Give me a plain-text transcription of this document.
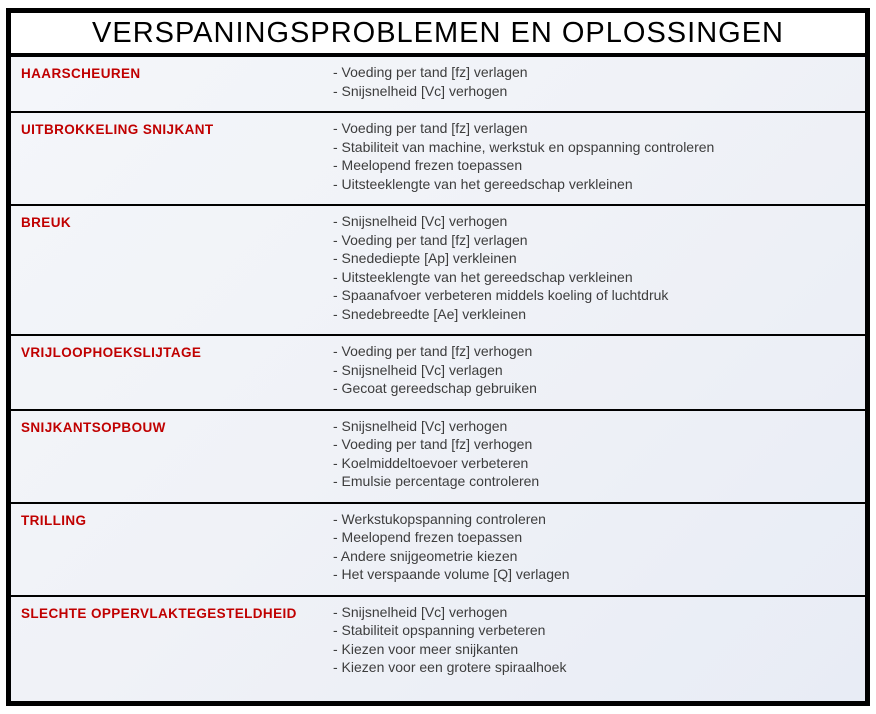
VERSPANINGSPROBLEMEN EN OPLOSSINGEN
HAARSCHEUREN	- Voeding per tand [fz] verlagen
- Snijsnelheid [Vc] verhogen
UITBROKKELING SNIJKANT	- Voeding per tand [fz] verlagen
- Stabiliteit van machine, werkstuk en opspanning controleren
- Meelopend frezen toepassen
- Uitsteeklengte van het gereedschap verkleinen
BREUK	- Snijsnelheid [Vc] verhogen
- Voeding per tand [fz] verlagen
- Snedediepte [Ap] verkleinen
- Uitsteeklengte van het gereedschap verkleinen
- Spaanafvoer verbeteren middels koeling of luchtdruk
- Snedebreedte [Ae] verkleinen
VRIJLOOPHOEKSLIJTAGE	- Voeding per tand [fz] verhogen
- Snijsnelheid [Vc] verlagen
- Gecoat gereedschap gebruiken
SNIJKANTSOPBOUW	- Snijsnelheid [Vc] verhogen
- Voeding per tand [fz] verhogen
- Koelmiddeltoevoer verbeteren
- Emulsie percentage controleren
TRILLING	- Werkstukopspanning controleren
- Meelopend frezen toepassen
- Andere snijgeometrie kiezen
- Het verspaande volume [Q] verlagen
SLECHTE OPPERVLAKTEGESTELDHEID	- Snijsnelheid [Vc] verhogen
- Stabiliteit opspanning verbeteren
- Kiezen voor meer snijkanten
- Kiezen voor een grotere spiraalhoek
